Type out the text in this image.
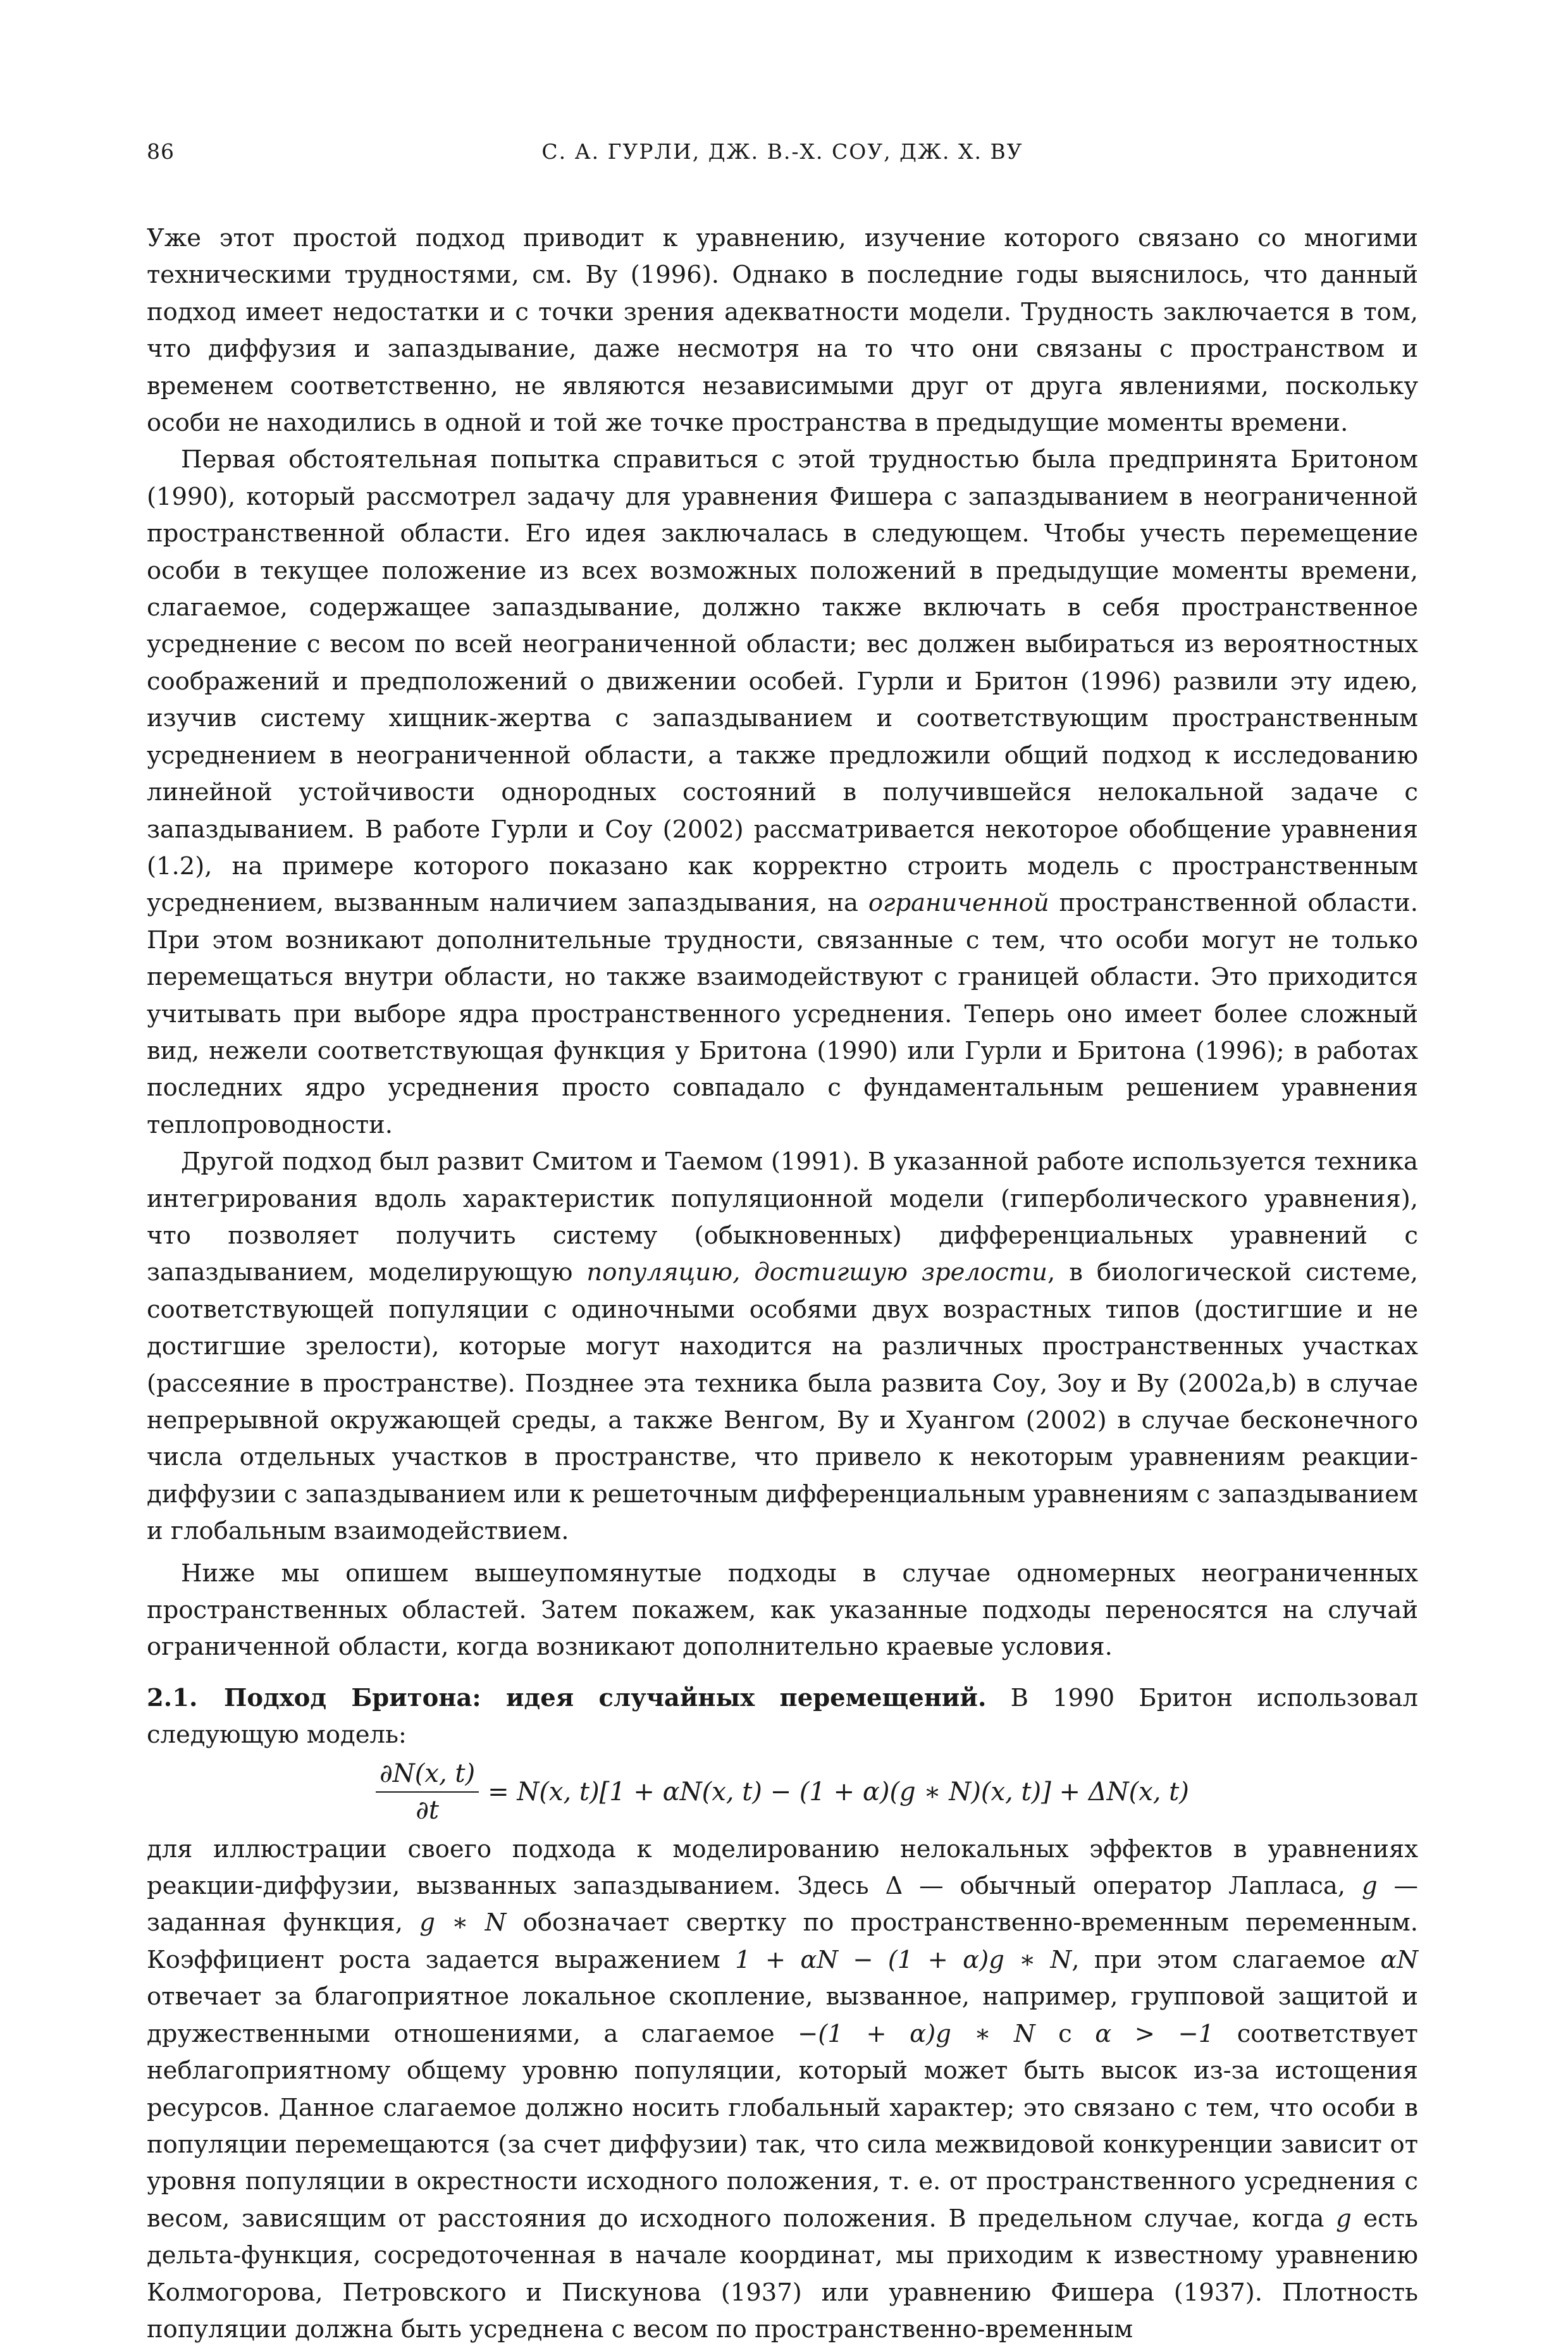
86	С. А. ГУРЛИ, ДЖ. В.-Х. СОУ, ДЖ. Х. ВУ

Уже этот простой подход приводит к уравнению, изучение которого связано со многими техническими трудностями, см. Ву (1996). Однако в последние годы выяснилось, что данный подход имеет недостатки и с точки зрения адекватности модели. Трудность заключается в том, что диффузия и запаздывание, даже несмотря на то что они связаны с пространством и временем соответственно, не являются независимыми друг от друга явлениями, поскольку особи не находились в одной и той же точке пространства в предыдущие моменты времени.

Первая обстоятельная попытка справиться с этой трудностью была предпринята Бритоном (1990), который рассмотрел задачу для уравнения Фишера с запаздыванием в неограниченной пространственной области. Его идея заключалась в следующем. Чтобы учесть перемещение особи в текущее положение из всех возможных положений в предыдущие моменты времени, слагаемое, содержащее запаздывание, должно также включать в себя пространственное усреднение с весом по всей неограниченной области; вес должен выбираться из вероятностных соображений и предположений о движении особей. Гурли и Бритон (1996) развили эту идею, изучив систему хищник-жертва с запаздыванием и соответствующим пространственным усреднением в неограниченной области, а также предложили общий подход к исследованию линейной устойчивости однородных состояний в получившейся нелокальной задаче с запаздыванием. В работе Гурли и Соу (2002) рассматривается некоторое обобщение уравнения (1.2), на примере которого показано как корректно строить модель с пространственным усреднением, вызванным наличием запаздывания, на ограниченной пространственной области. При этом возникают дополнительные трудности, связанные с тем, что особи могут не только перемещаться внутри области, но также взаимодействуют с границей области. Это приходится учитывать при выборе ядра пространственного усреднения. Теперь оно имеет более сложный вид, нежели соответствующая функция у Бритона (1990) или Гурли и Бритона (1996); в работах последних ядро усреднения просто совпадало с фундаментальным решением уравнения теплопроводности.

Другой подход был развит Смитом и Таемом (1991). В указанной работе используется техника интегрирования вдоль характеристик популяционной модели (гиперболического уравнения), что позволяет получить систему (обыкновенных) дифференциальных уравнений с запаздыванием, моделирующую популяцию, достигшую зрелости, в биологической системе, соответствующей популяции с одиночными особями двух возрастных типов (достигшие и не достигшие зрелости), которые могут находится на различных пространственных участках (рассеяние в пространстве). Позднее эта техника была развита Соу, Зоу и Ву (2002a,b) в случае непрерывной окружающей среды, а также Венгом, Ву и Хуангом (2002) в случае бесконечного числа отдельных участков в пространстве, что привело к некоторым уравнениям реакции-диффузии с запаздыванием или к решеточным дифференциальным уравнениям с запаздыванием и глобальным взаимодействием.

Ниже мы опишем вышеупомянутые подходы в случае одномерных неограниченных пространственных областей. Затем покажем, как указанные подходы переносятся на случай ограниченной области, когда возникают дополнительно краевые условия.

2.1. Подход Бритона: идея случайных перемещений. В 1990 Бритон использовал следующую модель:

$\frac{\partial N(x, t)}{\partial t} = N(x$, t)[1 + αN(x, t) − (1 + α)(g ∗ N)(x, t)] + ΔN(x, t)

для иллюстрации своего подхода к моделированию нелокальных эффектов в уравнениях реакции-диффузии, вызванных запаздыванием. Здесь Δ — обычный оператор Лапласа, g — заданная функция, g ∗ N обозначает свертку по пространственно-временным переменным. Коэффициент роста задается выражением 1 + αN − (1 + α)g ∗ N, при этом слагаемое αN отвечает за благоприятное локальное скопление, вызванное, например, групповой защитой и дружественными отношениями, а слагаемое −(1 + α)g ∗ N с α > −1 соответствует неблагоприятному общему уровню популяции, который может быть высок из-за истощения ресурсов. Данное слагаемое должно носить глобальный характер; это связано с тем, что особи в популяции перемещаются (за счет диффузии) так, что сила межвидовой конкуренции зависит от уровня популяции в окрестности исходного положения, т. е. от пространственного усреднения с весом, зависящим от расстояния до исходного положения. В предельном случае, когда g есть дельта-функция, сосредоточенная в начале координат, мы приходим к известному уравнению Колмогорова, Петровского и Пискунова (1937) или уравнению Фишера (1937). Плотность популяции должна быть усреднена с весом по пространственно-временным
